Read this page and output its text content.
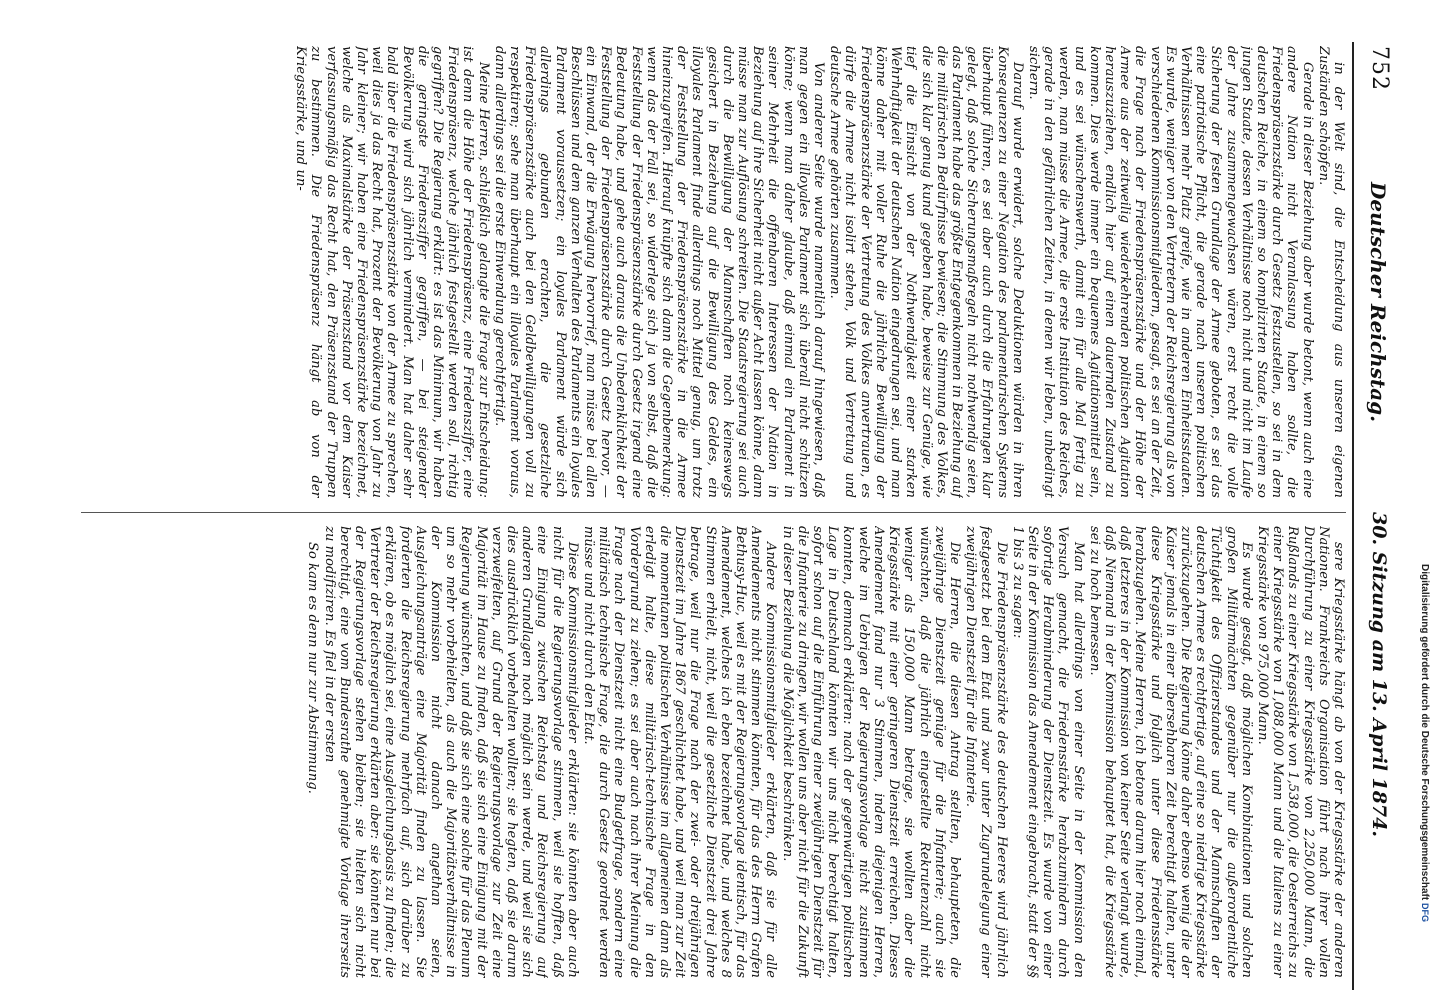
752
Deutscher Reichstag.
30. Sitzung am 13. April 1874.

in der Welt sind, die Entscheidung aus unseren eigenen Zuständen schöpfen.

Gerade in dieser Beziehung aber wurde betont, wenn auch eine andere Nation nicht Veranlassung haben sollte, die Friedenspräsenzstärke durch Gesetz festzustellen, so sei in dem deutschen Reiche, in einem so komplizirten Staate, in einem so jungen Staate, dessen Verhältnisse noch nicht und nicht im Laufe der Jahre zusammengewachsen wären, erst recht die volle Sicherung der festen Grundlage der Armee geboten, es sei das eine patriotische Pflicht, die gerade nach unseren politischen Verhältnissen mehr Platz greife, wie in anderen Einheitsstaaten. Es wurde, weniger von den Vertretern der Reichsregierung als von verschiedenen Kommissionsmitgliedern, gesagt, es sei an der Zeit, die Frage nach der Friedenspräsenzstärke und der Höhe der Armee aus der zeitweilig wiederkehrenden politischen Agitation herauszuziehen, endlich hier auf einen dauernden Zustand zu kommen. Dies werde immer ein bequemes Agitationsmittel sein, und es sei wünschenswerth, damit ein für alle Mal fertig zu werden, man müsse die Armee, die erste Institution des Reiches, gerade in den gefährlichen Zeiten, in denen wir leben, unbedingt sichern.

Darauf wurde erwidert, solche Deduktionen würden in ihren Konsequenzen zu einer Negation des parlamentarischen Systems überhaupt führen, es sei aber auch durch die Erfahrungen klar gelegt, daß solche Sicherungsmaßregeln nicht nothwendig seien, das Parlament habe das größte Entgegenkommen in Beziehung auf die militärischen Bedürfnisse bewiesen; die Stimmung des Volkes, die sich klar genug kund gegeben habe, beweise zur Genüge, wie tief die Einsicht von der Nothwendigkeit einer starken Wehrhaftigkeit der deutschen Nation eingedrungen sei, und man könne daher mit voller Ruhe die jährliche Bewilligung der Friedenspräsenzstärke der Vertretung des Volkes anvertrauen, es dürfe die Armee nicht isolirt stehen, Volk und Vertretung und deutsche Armee gehörten zusammen.

Von anderer Seite wurde namentlich darauf hingewiesen, daß man gegen ein illoyales Parlament sich überall nicht schützen könne; wenn man daher glaube, daß einmal ein Parlament in seiner Mehrheit die offenbaren Interessen der Nation in Beziehung auf ihre Sicherheit nicht außer Acht lassen könne, dann müsse man zur Auflösung schreiten. Die Staatsregierung sei auch durch die Bewilligung der Mannschaften noch keineswegs gesichert in Beziehung auf die Bewilligung des Geldes, ein illoyales Parlament finde allerdings noch Mittel genug, um trotz der Feststellung der Friedenspräsenzstärke in die Armee hineinzugreifen. Hierauf knüpfte sich dann die Gegenbemerkung: wenn das der Fall sei, so widerlege sich ja von selbst, daß die Feststellung der Friedenspräsenzstärke durch Gesetz irgend eine Bedeutung habe, und gehe auch daraus die Unbedenklichkeit der Feststellung der Friedenspräsenzstärke durch Gesetz hervor, — ein Einwand, der die Erwägung hervorrief, man müsse bei allen Beschlüssen und dem ganzen Verhalten des Parlaments ein loyales Parlament voraussetzen; ein loyales Parlament würde sich allerdings gebunden erachten, die gesetzliche Friedenspräsenzstärke auch bei den Geldbewilligungen voll zu respektiren; sehe man überhaupt ein illoyales Parlament voraus, dann allerdings sei die erste Einwendung gerechtfertigt.

Meine Herren, schließlich gelangte die Frage zur Entscheidung: ist denn die Höhe der Friedenspräsenz, eine Friedensziffer, eine Friedenspräsenz, welche jährlich festgestellt werden soll, richtig gegriffen? Die Regierung erklärt: es ist das Minimum, wir haben die geringste Friedensziffer gegriffen, — bei steigender Bevölkerung wird sich jährlich vermindert. Man hat daher sehr bald über die Friedenspräsenzstärke von der Armee zu sprechen, weil dies ja das Recht hat, Prozent der Bevölkerung von Jahr zu Jahr kleiner; wir haben eine Friedenspräsenzstärke bezeichnet, welche als Maximalstärke der Präsenzstand vor dem Kaiser verfassungsmäßig das Recht hat, den Präsenzstand der Truppen zu bestimmen. Die Friedenspräsenz hängt ab von der Kriegsstärke, und un-

sere Kriegsstärke hängt ab von der Kriegsstärke der anderen Nationen. Frankreichs Organisation führt nach ihrer vollen Durchführung zu einer Kriegsstärke von 2,250,000 Mann, die Rußlands zu einer Kriegsstärke von 1,538,000, die Oesterreichs zu einer Kriegsstärke von 1,088,000 Mann und die Italiens zu einer Kriegsstärke von 975,000 Mann.

Es wurde gesagt, daß möglichen Kombinationen und solchen großen Militärmächten gegenüber nur die außerordentliche Tüchtigkeit des Offizierstandes und der Mannschaften der deutschen Armee es rechtfertige, auf eine so niedrige Kriegsstärke zurückzugehen. Die Regierung könne daher ebenso wenig die der Kaiser jemals in einer übersehbaren Zeit berechtigt halten, unter diese Kriegsstärke und folglich unter diese Friedensstärke herabzugehen. Meine Herren, ich betone darum hier noch einmal, daß letzteres in der Kommission von keiner Seite verlangt wurde, daß Niemand in der Kommission behauptet hat, die Kriegsstärke sei zu hoch bemessen.

Man hat allerdings von einer Seite in der Kommission den Versuch gemacht, die Friedensstärke herabzumindern durch sofortige Herabminderung der Dienstzeit. Es wurde von einer Seite in der Kommission das Amendement eingebracht, statt der §§ 1 bis 3 zu sagen:

Die Friedenspräsenzstärke des deutschen Heeres wird jährlich festgesetzt bei dem Etat und zwar unter Zugrundelegung einer zweijährigen Dienstzeit für die Infanterie.

Die Herren, die diesen Antrag stellten, behaupteten, die zweijährige Dienstzeit genüge für die Infanterie; auch sie wünschten, daß die jährlich eingestellte Rekrutenzahl nicht weniger als 150,000 Mann betrage, sie wollten aber die Kriegsstärke mit einer geringeren Dienstzeit erreichen. Dieses Amendement fand nur 3 Stimmen, indem diejenigen Herren, welche im Uebrigen der Regierungsvorlage nicht zustimmen konnten, demnach erklärten: nach der gegenwärtigen politischen Lage in Deutschland könnten wir uns nicht berechtigt halten, sofort schon auf die Einführung einer zweijährigen Dienstzeit für die Infanterie zu dringen, wir wollen uns aber nicht für die Zukunft in dieser Beziehung die Möglichkeit beschränken.

Andere Kommissionsmitglieder erklärten, daß sie für alle Amendements nicht stimmen könnten, für das des Herrn Grafen Bethusy-Huc, weil es mit der Regierungsvorlage identisch, für das Amendement, welches ich eben bezeichnet habe, und welches 8 Stimmen erhielt, nicht, weil die gesetzliche Dienstzeit drei Jahre betrage, weil nur die Frage nach der zwei- oder dreijährigen Dienstzeit im Jahre 1867 geschlichtet habe, und weil man zur Zeit die momentanen politischen Verhältnisse im allgemeinen dann als erledigt halte, diese militärisch-technische Frage in den Vordergrund zu ziehen; es sei aber auch nach ihrer Meinung die Frage nach der Dienstzeit nicht eine Budgetfrage, sondern eine militärisch technische Frage, die durch Gesetz geordnet werden müsse und nicht durch den Etat.

Diese Kommissionsmitglieder erklärten: sie könnten aber auch nicht für die Regierungsvorlage stimmen, weil sie hofften, daß eine Einigung zwischen Reichstag und Reichsregierung auf anderen Grundlagen noch möglich sein werde, und weil sie sich dies ausdrücklich vorbehalten wollten; sie hegten, daß sie darum verzweifelten, auf Grund der Regierungsvorlage zur Zeit eine Majorität im Hause zu finden, daß sie sich eine Einigung mit der Regierung wünschten, und daß sie sich eine solche für das Plenum um so mehr vorbehielten, als auch die Majoritätsverhältnisse in der Kommission nicht danach angethan seien, Ausgleichungsanträge eine Majorität finden zu lassen. Sie forderten die Reichsregierung mehrfach auf, sich darüber zu erklären, ob es möglich sei, eine Ausgleichungsbasis zu finden; die Vertreter der Reichsregierung erklärten aber: sie könnten nur bei der Regierungsvorlage stehen bleiben; sie hielten sich nicht berechtigt, eine vom Bundesrathe genehmigte Vorlage ihrerseits zu modifiziren. Es fiel in der ersten

So kam es denn nur zur Abstimmung.	Digitalisierung gefördert durch die Deutsche Forschungsgemeinschaft DFG
